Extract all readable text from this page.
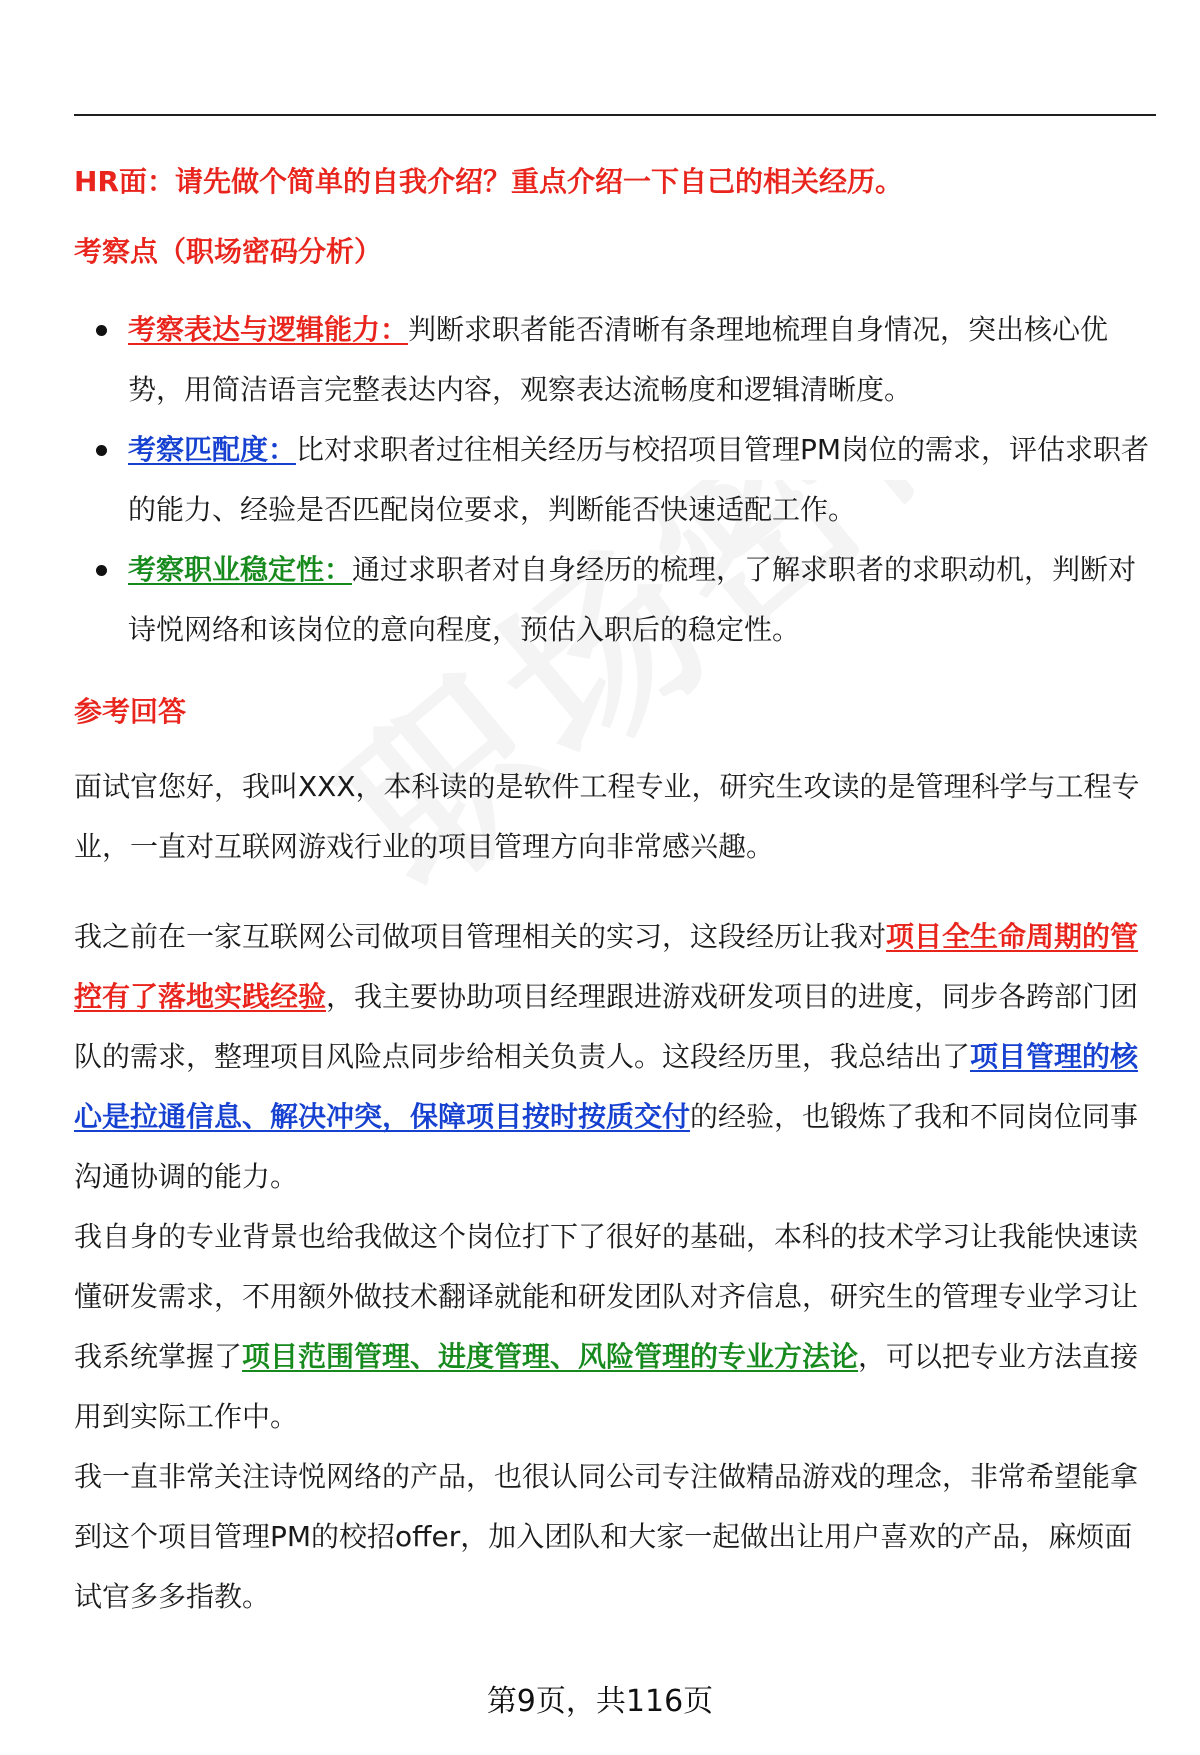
HR面：请先做个简单的自我介绍？重点介绍一下自己的相关经历。
考察点（职场密码分析）
考察表达与逻辑能力：判断求职者能否清晰有条理地梳理自身情况，突出核心优势，用简洁语言完整表达内容，观察表达流畅度和逻辑清晰度。
考察匹配度：比对求职者过往相关经历与校招项目管理PM岗位的需求，评估求职者的能力、经验是否匹配岗位要求，判断能否快速适配工作。
考察职业稳定性：通过求职者对自身经历的梳理，了解求职者的求职动机，判断对诗悦网络和该岗位的意向程度，预估入职后的稳定性。
参考回答

面试官您好，我叫XXX，本科读的是软件工程专业，研究生攻读的是管理科学与工程专业，一直对互联网游戏行业的项目管理方向非常感兴趣。

我之前在一家互联网公司做项目管理相关的实习，这段经历让我对项目全生命周期的管控有了落地实践经验，我主要协助项目经理跟进游戏研发项目的进度，同步各跨部门团队的需求，整理项目风险点同步给相关负责人。这段经历里，我总结出了项目管理的核心是拉通信息、解决冲突，保障项目按时按质交付的经验，也锻炼了我和不同岗位同事沟通协调的能力。

我自身的专业背景也给我做这个岗位打下了很好的基础，本科的技术学习让我能快速读懂研发需求，不用额外做技术翻译就能和研发团队对齐信息，研究生的管理专业学习让我系统掌握了项目范围管理、进度管理、风险管理的专业方法论，可以把专业方法直接用到实际工作中。

我一直非常关注诗悦网络的产品，也很认同公司专注做精品游戏的理念，非常希望能拿到这个项目管理PM的校招offer，加入团队和大家一起做出让用户喜欢的产品，麻烦面试官多多指教。

第9页，共116页
